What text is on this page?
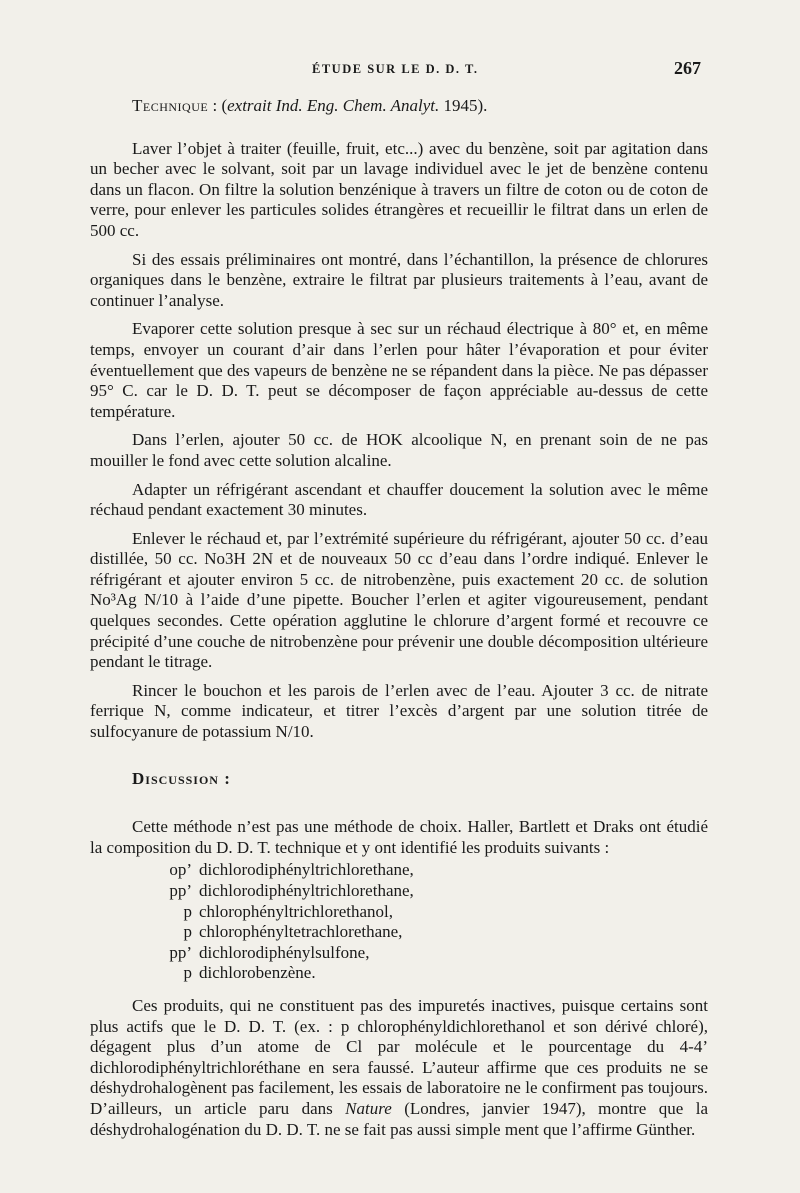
ÉTUDE SUR LE D. D. T.	267
Technique : (extrait Ind. Eng. Chem. Analyt. 1945).

Laver l’objet à traiter (feuille, fruit, etc...) avec du benzène, soit par agitation dans un becher avec le solvant, soit par un lavage individuel avec le jet de benzène contenu dans un flacon. On filtre la solution benzénique à travers un filtre de coton ou de coton de verre, pour enlever les particules solides étrangères et recueillir le filtrat dans un erlen de 500 cc.

Si des essais préliminaires ont montré, dans l’échantillon, la présence de chlorures organiques dans le benzène, extraire le filtrat par plusieurs traitements à l’eau, avant de continuer l’analyse.

Evaporer cette solution presque à sec sur un réchaud électrique à 80° et, en même temps, envoyer un courant d’air dans l’erlen pour hâter l’évaporation et pour éviter éventuellement que des vapeurs de benzène ne se répandent dans la pièce. Ne pas dépasser 95° C. car le D. D. T. peut se décomposer de façon appréciable au-dessus de cette température.

Dans l’erlen, ajouter 50 cc. de HOK alcoolique N, en prenant soin de ne pas mouiller le fond avec cette solution alcaline.

Adapter un réfrigérant ascendant et chauffer doucement la solution avec le même réchaud pendant exactement 30 minutes.

Enlever le réchaud et, par l’extrémité supérieure du réfrigérant, ajouter 50 cc. d’eau distillée, 50 cc. No3H 2N et de nouveaux 50 cc d’eau dans l’ordre indiqué. Enlever le réfrigérant et ajouter environ 5 cc. de nitrobenzène, puis exactement 20 cc. de solution No³Ag N/10 à l’aide d’une pipette. Boucher l’erlen et agiter vigoureusement, pendant quelques secondes. Cette opération agglutine le chlorure d’argent formé et recouvre ce précipité d’une couche de nitrobenzène pour prévenir une double décomposition ultérieure pendant le titrage.

Rincer le bouchon et les parois de l’erlen avec de l’eau. Ajouter 3 cc. de nitrate ferrique N, comme indicateur, et titrer l’excès d’argent par une solution titrée de sulfocyanure de potassium N/10.

Discussion :

Cette méthode n’est pas une méthode de choix. Haller, Bartlett et Draks ont étudié la composition du D. D. T. technique et y ont identifié les produits suivants :

op’ dichlorodiphényltrichlorethane,
pp’ dichlorodiphényltrichlorethane,
p chlorophényltrichlorethanol,
p chlorophényltetrachlorethane,
pp’ dichlorodiphénylsulfone,
p dichlorobenzène.

Ces produits, qui ne constituent pas des impuretés inactives, puisque certains sont plus actifs que le D. D. T. (ex. : p chlorophényldichlorethanol et son dérivé chloré), dégagent plus d’un atome de Cl par molécule et le pourcentage du 4-4’ dichlorodiphényltrichloréthane en sera faussé. L’auteur affirme que ces produits ne se déshydrohalogènent pas facilement, les essais de laboratoire ne le confirment pas toujours. D’ailleurs, un article paru dans Nature (Londres, janvier 1947), montre que la déshydrohalogénation du D. D. T. ne se fait pas aussi simple ment que l’affirme Günther.
